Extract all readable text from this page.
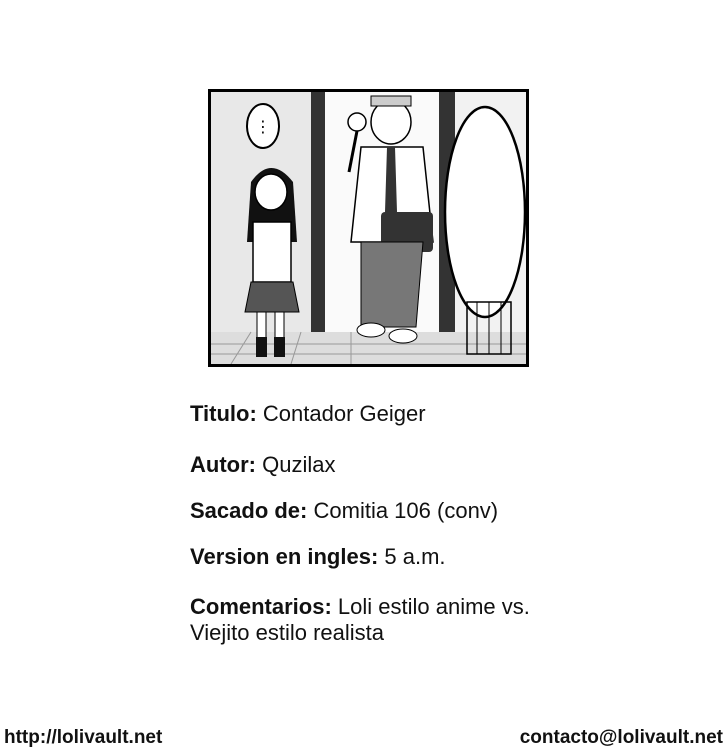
⋮
Titulo: Contador Geiger
Autor: Quzilax
Sacado de: Comitia 106 (conv)
Version en ingles: 5 a.m.
Comentarios: Loli estilo anime vs.
Viejito estilo realista
http://lolivault.net	contacto@lolivault.net
